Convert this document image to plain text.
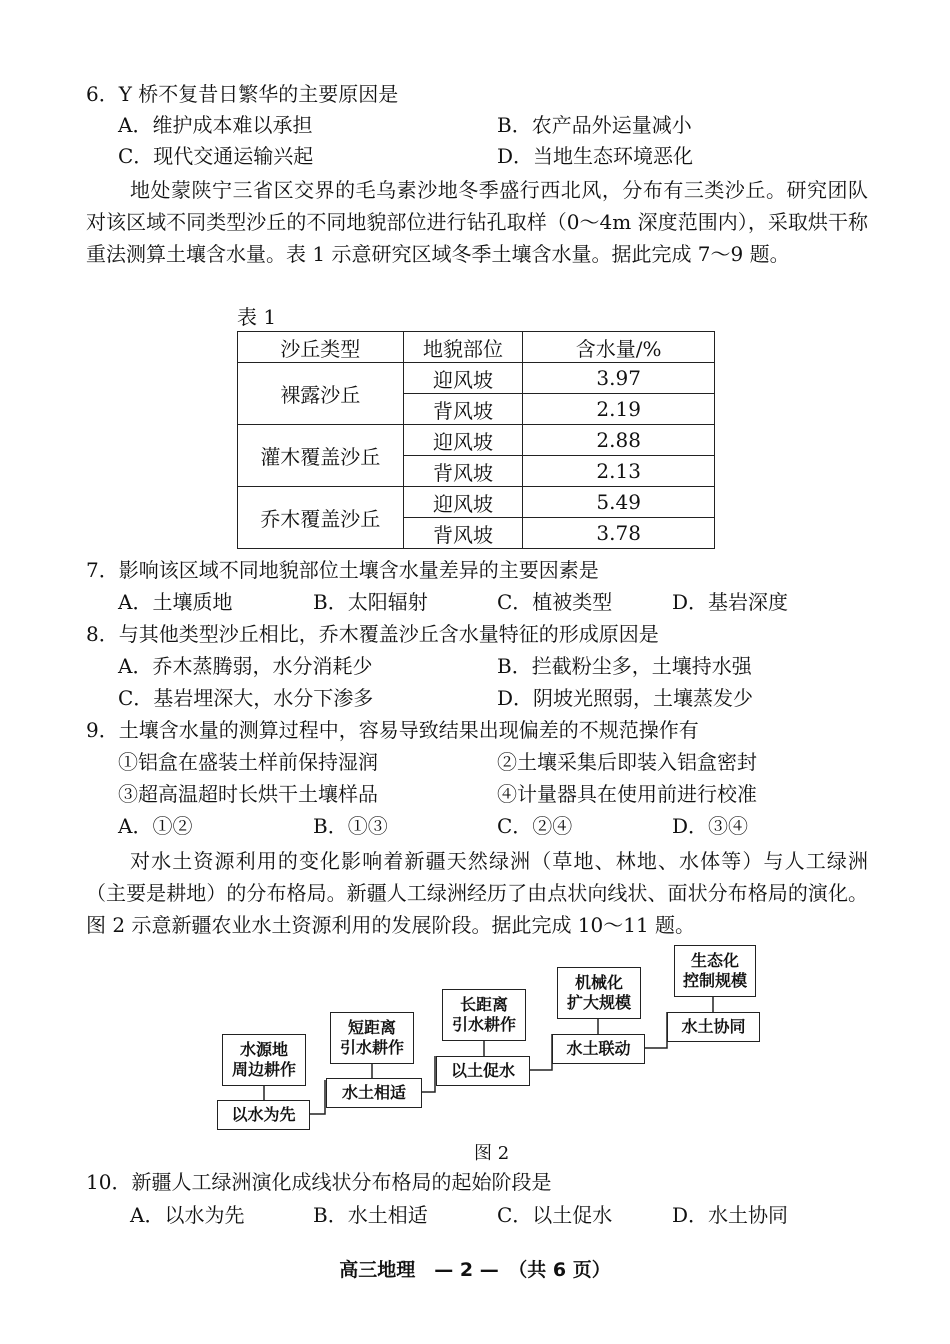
6．Y 桥不复昔日繁华的主要原因是
A．维护成本难以承担	B．农产品外运量减小
C．现代交通运输兴起	D．当地生态环境恶化
地处蒙陕宁三省区交界的毛乌素沙地冬季盛行西北风，分布有三类沙丘。研究团队对该区域不同类型沙丘的不同地貌部位进行钻孔取样（0～4m 深度范围内），采取烘干称重法测算土壤含水量。表 1 示意研究区域冬季土壤含水量。据此完成 7～9 题。
表 1
沙丘类型	地貌部位	含水量/%
裸露沙丘	迎风坡	3.97
	背风坡	2.19
灌木覆盖沙丘	迎风坡	2.88
	背风坡	2.13
乔木覆盖沙丘	迎风坡	5.49
	背风坡	3.78
7．影响该区域不同地貌部位土壤含水量差异的主要因素是
A．土壤质地	B．太阳辐射	C．植被类型	D．基岩深度
8．与其他类型沙丘相比，乔木覆盖沙丘含水量特征的形成原因是
A．乔木蒸腾弱，水分消耗少	B．拦截粉尘多，土壤持水强
C．基岩埋深大，水分下渗多	D．阴坡光照弱，土壤蒸发少
9．土壤含水量的测算过程中，容易导致结果出现偏差的不规范操作有
①铝盒在盛装土样前保持湿润	②土壤采集后即装入铝盒密封
③超高温超时长烘干土壤样品	④计量器具在使用前进行校准
A．①②	B．①③	C．②④	D．③④
对水土资源利用的变化影响着新疆天然绿洲（草地、林地、水体等）与人工绿洲（主要是耕地）的分布格局。新疆人工绿洲经历了由点状向线状、面状分布格局的演化。图 2 示意新疆农业水土资源利用的发展阶段。据此完成 10～11 题。
水源地
周边耕作
以水为先
短距离
引水耕作
水土相适
长距离
引水耕作
以土促水
机械化
扩大规模
水土联动
生态化
控制规模
水土协同
图 2
10．新疆人工绿洲演化成线状分布格局的起始阶段是
A．以水为先	B．水土相适	C．以土促水	D．水土协同
高三地理　— 2 —　（共 6 页）
